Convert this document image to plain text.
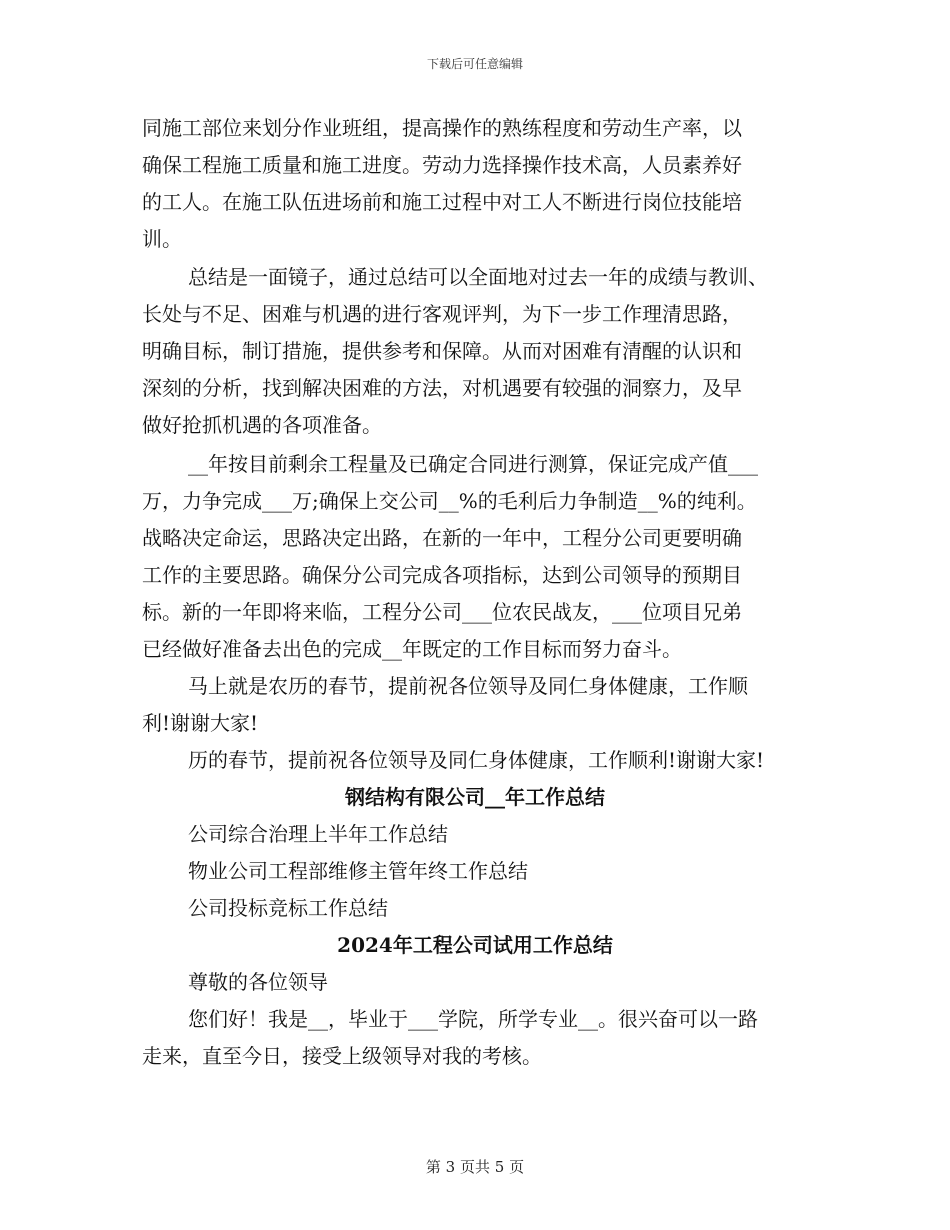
下载后可任意编辑
同施工部位来划分作业班组，提高操作的熟练程度和劳动生产率，以
确保工程施工质量和施工进度。劳动力选择操作技术高，人员素养好
的工人。在施工队伍进场前和施工过程中对工人不断进行岗位技能培
训。
总结是一面镜子，通过总结可以全面地对过去一年的成绩与教训、
长处与不足、困难与机遇的进行客观评判，为下一步工作理清思路，
明确目标，制订措施，提供参考和保障。从而对困难有清醒的认识和
深刻的分析，找到解决困难的方法，对机遇要有较强的洞察力，及早
做好抢抓机遇的各项准备。
__年按目前剩余工程量及已确定合同进行测算，保证完成产值___
万，力争完成___万;确保上交公司__%的毛利后力争制造__%的纯利。
战略决定命运，思路决定出路，在新的一年中，工程分公司更要明确
工作的主要思路。确保分公司完成各项指标，达到公司领导的预期目
标。新的一年即将来临，工程分公司___位农民战友，___位项目兄弟
已经做好准备去出色的完成__年既定的工作目标而努力奋斗。
马上就是农历的春节，提前祝各位领导及同仁身体健康，工作顺
利!谢谢大家!
历的春节，提前祝各位领导及同仁身体健康，工作顺利!谢谢大家!
钢结构有限公司__年工作总结
公司综合治理上半年工作总结
物业公司工程部维修主管年终工作总结
公司投标竞标工作总结
2024年工程公司试用工作总结
尊敬的各位领导
您们好！我是__，毕业于___学院，所学专业__。很兴奋可以一路
走来，直至今日，接受上级领导对我的考核。
第 3 页共 5 页
